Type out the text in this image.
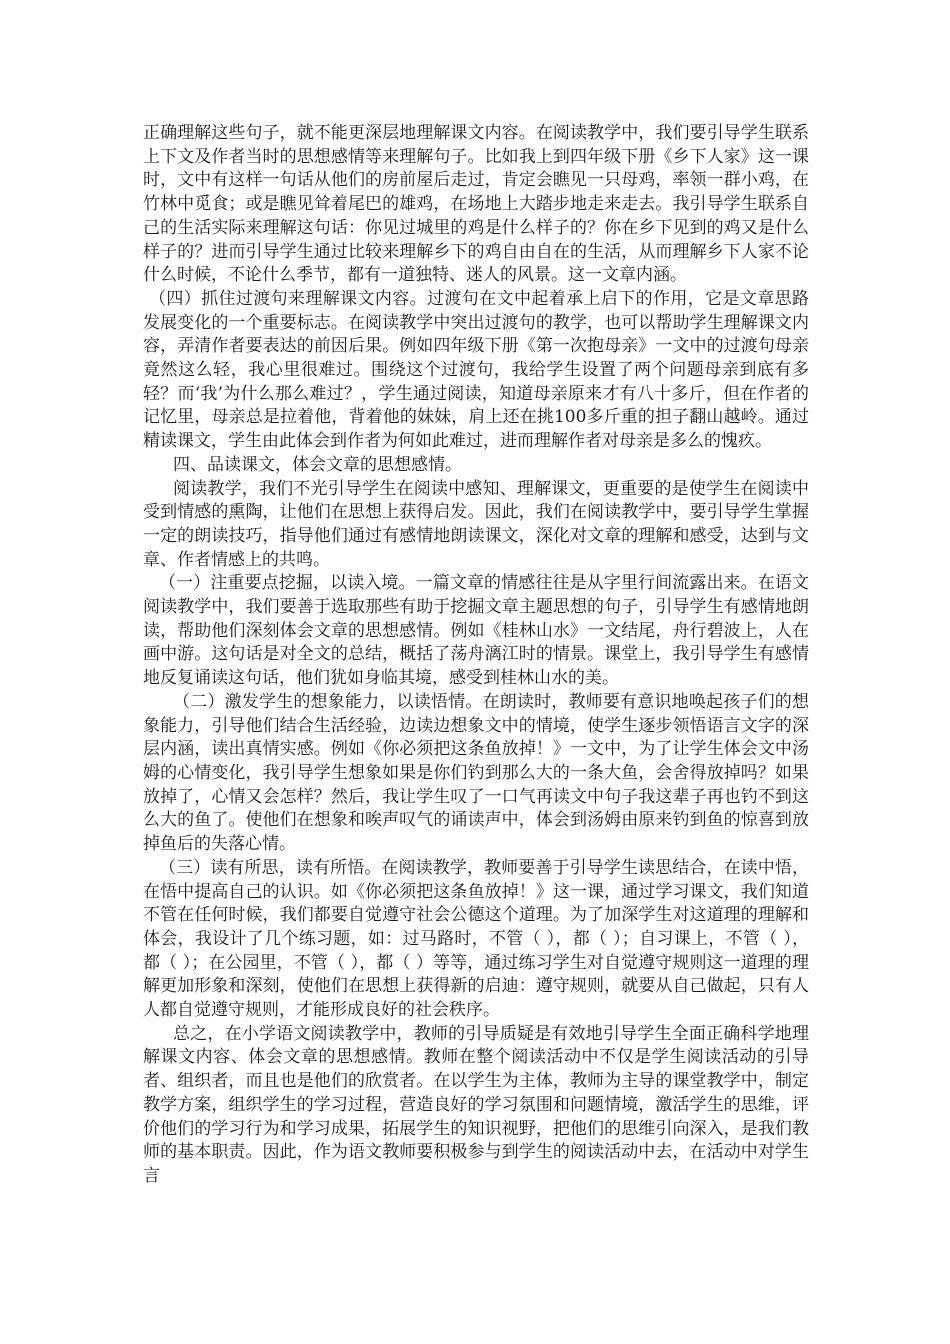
正确理解这些句子，就不能更深层地理解课文内容。在阅读教学中，我们要引导学生联系上下文及作者当时的思想感情等来理解句子。比如我上到四年级下册《乡下人家》这一课时，文中有这样一句话从他们的房前屋后走过，肯定会瞧见一只母鸡，率领一群小鸡，在竹林中觅食；或是瞧见耸着尾巴的雄鸡，在场地上大踏步地走来走去。我引导学生联系自己的生活实际来理解这句话：你见过城里的鸡是什么样子的？你在乡下见到的鸡又是什么样子的？进而引导学生通过比较来理解乡下的鸡自由自在的生活，从而理解乡下人家不论什么时候，不论什么季节，都有一道独特、迷人的风景。这一文章内涵。

（四）抓住过渡句来理解课文内容。过渡句在文中起着承上启下的作用，它是文章思路发展变化的一个重要标志。在阅读教学中突出过渡句的教学，也可以帮助学生理解课文内容，弄清作者要表达的前因后果。例如四年级下册《第一次抱母亲》一文中的过渡句母亲竟然这么轻，我心里很难过。围绕这个过渡句，我给学生设置了两个问题母亲到底有多轻？而‘我’为什么那么难过？，学生通过阅读，知道母亲原来才有八十多斤，但在作者的记忆里，母亲总是拉着他，背着他的妹妹，肩上还在挑100多斤重的担子翻山越岭。通过精读课文，学生由此体会到作者为何如此难过，进而理解作者对母亲是多么的愧疚。

四、品读课文，体会文章的思想感情。

阅读教学，我们不光引导学生在阅读中感知、理解课文，更重要的是使学生在阅读中受到情感的熏陶，让他们在思想上获得启发。因此，我们在阅读教学中，要引导学生掌握一定的朗读技巧，指导他们通过有感情地朗读课文，深化对文章的理解和感受，达到与文章、作者情感上的共鸣。

（一）注重要点挖掘，以读入境。一篇文章的情感往往是从字里行间流露出来。在语文阅读教学中，我们要善于选取那些有助于挖掘文章主题思想的句子，引导学生有感情地朗读，帮助他们深刻体会文章的思想感情。例如《桂林山水》一文结尾，舟行碧波上，人在画中游。这句话是对全文的总结，概括了荡舟漓江时的情景。课堂上，我引导学生有感情地反复诵读这句话，他们犹如身临其境，感受到桂林山水的美。

（二）激发学生的想象能力，以读悟情。在朗读时，教师要有意识地唤起孩子们的想象能力，引导他们结合生活经验，边读边想象文中的情境，使学生逐步领悟语言文字的深层内涵，读出真情实感。例如《你必须把这条鱼放掉！》一文中，为了让学生体会文中汤姆的心情变化，我引导学生想象如果是你们钓到那么大的一条大鱼，会舍得放掉吗？如果放掉了，心情又会怎样？然后，我让学生叹了一口气再读文中句子我这辈子再也钓不到这么大的鱼了。使他们在想象和唉声叹气的诵读声中，体会到汤姆由原来钓到鱼的惊喜到放掉鱼后的失落心情。

（三）读有所思，读有所悟。在阅读教学，教师要善于引导学生读思结合，在读中悟，在悟中提高自己的认识。如《你必须把这条鱼放掉！》这一课，通过学习课文，我们知道不管在任何时候，我们都要自觉遵守社会公德这个道理。为了加深学生对这道理的理解和体会，我设计了几个练习题，如：过马路时，不管（ ），都（ ）；自习课上，不管（ ），都（ ）；在公园里，不管（ ），都（ ）等等，通过练习学生对自觉遵守规则这一道理的理解更加形象和深刻，使他们在思想上获得新的启迪：遵守规则，就要从自己做起，只有人人都自觉遵守规则，才能形成良好的社会秩序。

总之，在小学语文阅读教学中，教师的引导质疑是有效地引导学生全面正确科学地理解课文内容、体会文章的思想感情。教师在整个阅读活动中不仅是学生阅读活动的引导者、组织者，而且也是他们的欣赏者。在以学生为主体，教师为主导的课堂教学中，制定教学方案，组织学生的学习过程，营造良好的学习氛围和问题情境，激活学生的思维，评价他们的学习行为和学习成果，拓展学生的知识视野，把他们的思维引向深入，是我们教师的基本职责。因此，作为语文教师要积极参与到学生的阅读活动中去，在活动中对学生言
